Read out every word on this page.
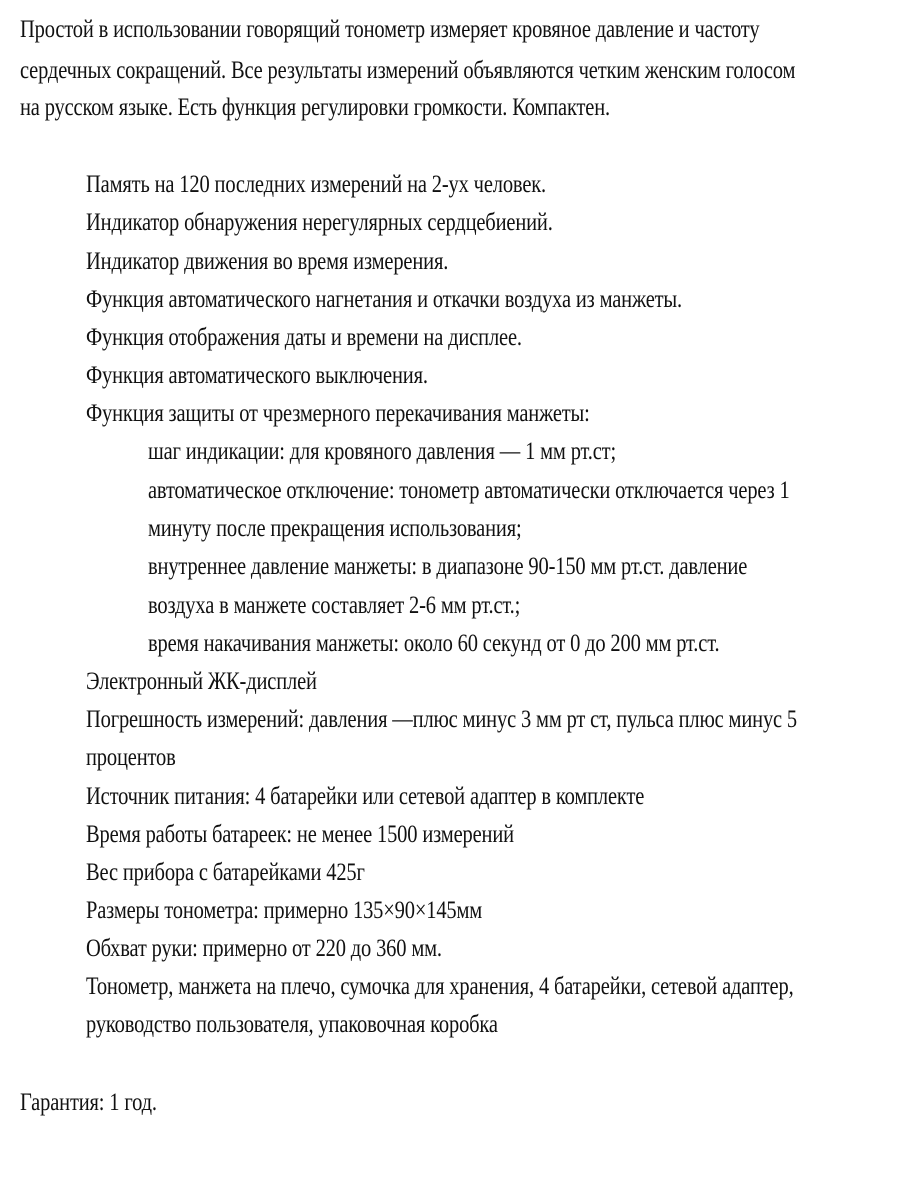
Простой в использовании говорящий тонометр измеряет кровяное давление и частоту
сердечных сокращений. Все результаты измерений объявляются четким женским голосом
на русском языке. Есть функция регулировки громкости. Компактен.
Память на 120 последних измерений на 2-ух человек.
Индикатор обнаружения нерегулярных сердцебиений.
Индикатор движения во время измерения.
Функция автоматического нагнетания и откачки воздуха из манжеты.
Функция отображения даты и времени на дисплее.
Функция автоматического выключения.
Функция защиты от чрезмерного перекачивания манжеты:
шаг индикации: для кровяного давления — 1 мм рт.ст;
автоматическое отключение: тонометр автоматически отключается через 1
минуту после прекращения использования;
внутреннее давление манжеты: в диапазоне 90-150 мм рт.ст. давление
воздуха в манжете составляет 2-6 мм рт.ст.;
время накачивания манжеты: около 60 секунд от 0 до 200 мм рт.ст.
Электронный ЖК-дисплей
Погрешность измерений: давления —плюс минус 3 мм рт ст, пульса плюс минус 5
процентов
Источник питания: 4 батарейки или сетевой адаптер в комплекте
Время работы батареек: не менее 1500 измерений
Вес прибора с батарейками 425г
Размеры тонометра: примерно 135×90×145мм
Обхват руки: примерно от 220 до 360 мм.
Тонометр, манжета на плечо, сумочка для хранения, 4 батарейки, сетевой адаптер,
руководство пользователя, упаковочная коробка
Гарантия: 1 год.
